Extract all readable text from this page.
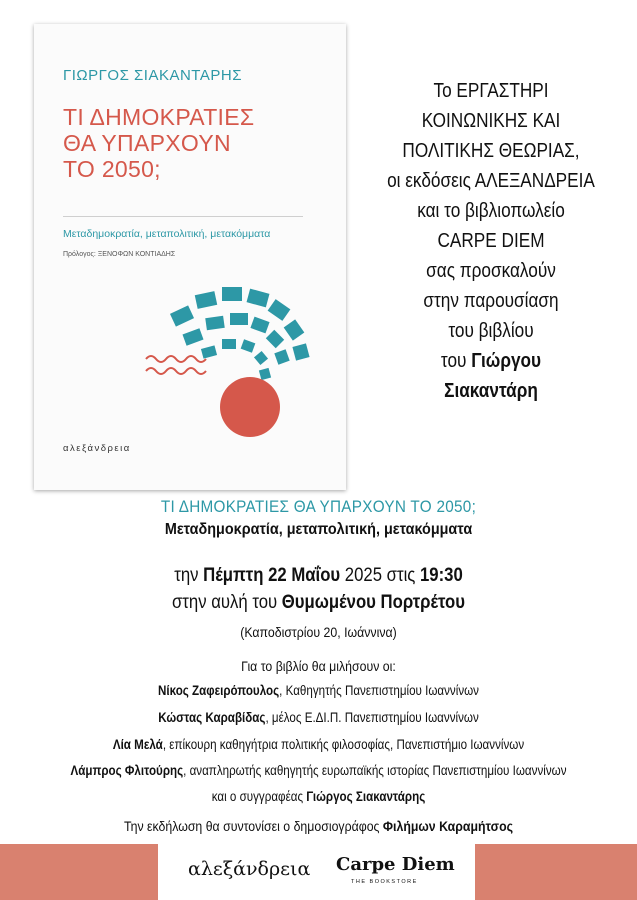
ΓΙΩΡΓΟΣ ΣΙΑΚΑΝΤΑΡΗΣ
ΤΙ ΔΗΜΟΚΡΑΤΙΕΣ
ΘΑ ΥΠΑΡΧΟΥΝ
ΤΟ 2050;
Μεταδημοκρατία, μεταπολιτική, μετακόμματα
Πρόλογος: ΞΕΝΟΦΩΝ ΚΟΝΤΙΑΔΗΣ
αλεξάνδρεια
Το ΕΡΓΑΣΤΗΡΙ
ΚΟΙΝΩΝΙΚΗΣ ΚΑΙ
ΠΟΛΙΤΙΚΗΣ ΘΕΩΡΙΑΣ,
οι εκδόσεις ΑΛΕΞΑΝΔΡΕΙΑ
και το βιβλιοπωλείο
CARPE DIEM
σας προσκαλούν
στην παρουσίαση
του βιβλίου
του Γιώργου
Σιακαντάρη
ΤΙ ΔΗΜΟΚΡΑΤΙΕΣ ΘΑ ΥΠΑΡΧΟΥΝ ΤΟ 2050;
Μεταδημοκρατία, μεταπολιτική, μετακόμματα
την Πέμπτη 22 Μαΐου 2025 στις 19:30
στην αυλή του Θυμωμένου Πορτρέτου
(Καποδιστρίου 20, Ιωάννινα)
Για το βιβλίο θα μιλήσουν οι:
Νίκος Ζαφειρόπουλος, Καθηγητής Πανεπιστημίου Ιωαννίνων
Κώστας Καραβίδας, μέλος Ε.ΔΙ.Π. Πανεπιστημίου Ιωαννίνων
Λία Μελά, επίκουρη καθηγήτρια πολιτικής φιλοσοφίας, Πανεπιστήμιο Ιωαννίνων
Λάμπρος Φλιτούρης, αναπληρωτής καθηγητής ευρωπαϊκής ιστορίας Πανεπιστημίου Ιωαννίνων
και ο συγγραφέας Γιώργος Σιακαντάρης
Την εκδήλωση θα συντονίσει ο δημοσιογράφος Φιλήμων Καραμήτσος
αλεξάνδρεια Carpe Diem
THE BOOKSTORE
